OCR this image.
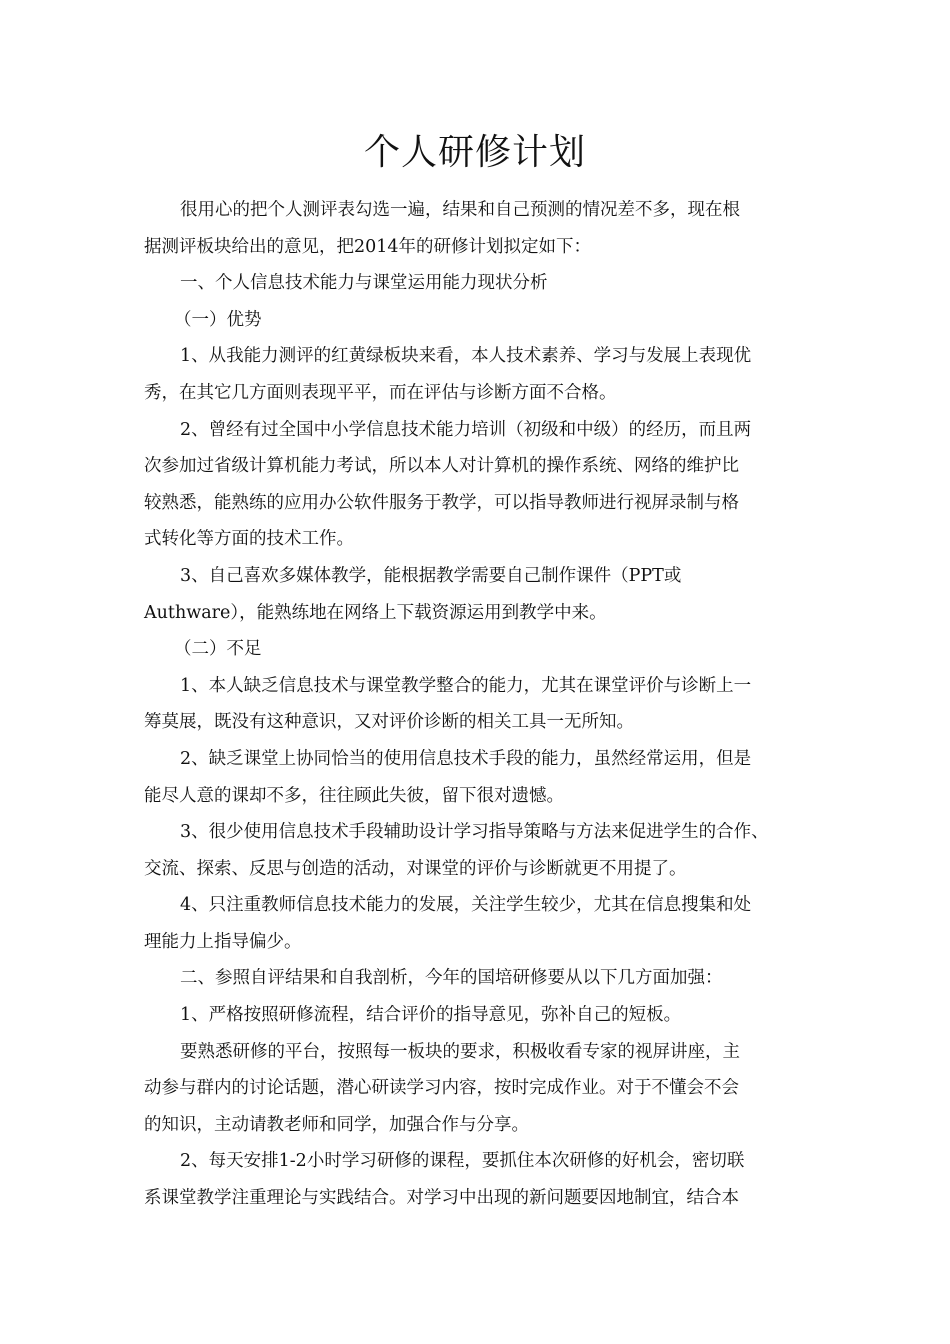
个人研修计划
很用心的把个人测评表勾选一遍，结果和自己预测的情况差不多，现在根
据测评板块给出的意见，把2014年的研修计划拟定如下：
一、个人信息技术能力与课堂运用能力现状分析
（一）优势
1、从我能力测评的红黄绿板块来看，本人技术素养、学习与发展上表现优
秀，在其它几方面则表现平平，而在评估与诊断方面不合格。
2、曾经有过全国中小学信息技术能力培训（初级和中级）的经历，而且两
次参加过省级计算机能力考试，所以本人对计算机的操作系统、网络的维护比
较熟悉，能熟练的应用办公软件服务于教学，可以指导教师进行视屏录制与格
式转化等方面的技术工作。
3、自己喜欢多媒体教学，能根据教学需要自己制作课件（PPT或
Authware），能熟练地在网络上下载资源运用到教学中来。
（二）不足
1、本人缺乏信息技术与课堂教学整合的能力，尤其在课堂评价与诊断上一
筹莫展，既没有这种意识，又对评价诊断的相关工具一无所知。
2、缺乏课堂上协同恰当的使用信息技术手段的能力，虽然经常运用，但是
能尽人意的课却不多，往往顾此失彼，留下很对遗憾。
3、很少使用信息技术手段辅助设计学习指导策略与方法来促进学生的合作、
交流、探索、反思与创造的活动，对课堂的评价与诊断就更不用提了。
4、只注重教师信息技术能力的发展，关注学生较少，尤其在信息搜集和处
理能力上指导偏少。
二、参照自评结果和自我剖析，今年的国培研修要从以下几方面加强：
1、严格按照研修流程，结合评价的指导意见，弥补自己的短板。
要熟悉研修的平台，按照每一板块的要求，积极收看专家的视屏讲座，主
动参与群内的讨论话题，潜心研读学习内容，按时完成作业。对于不懂会不会
的知识，主动请教老师和同学，加强合作与分享。
2、每天安排1-2小时学习研修的课程，要抓住本次研修的好机会，密切联
系课堂教学注重理论与实践结合。对学习中出现的新问题要因地制宜，结合本
